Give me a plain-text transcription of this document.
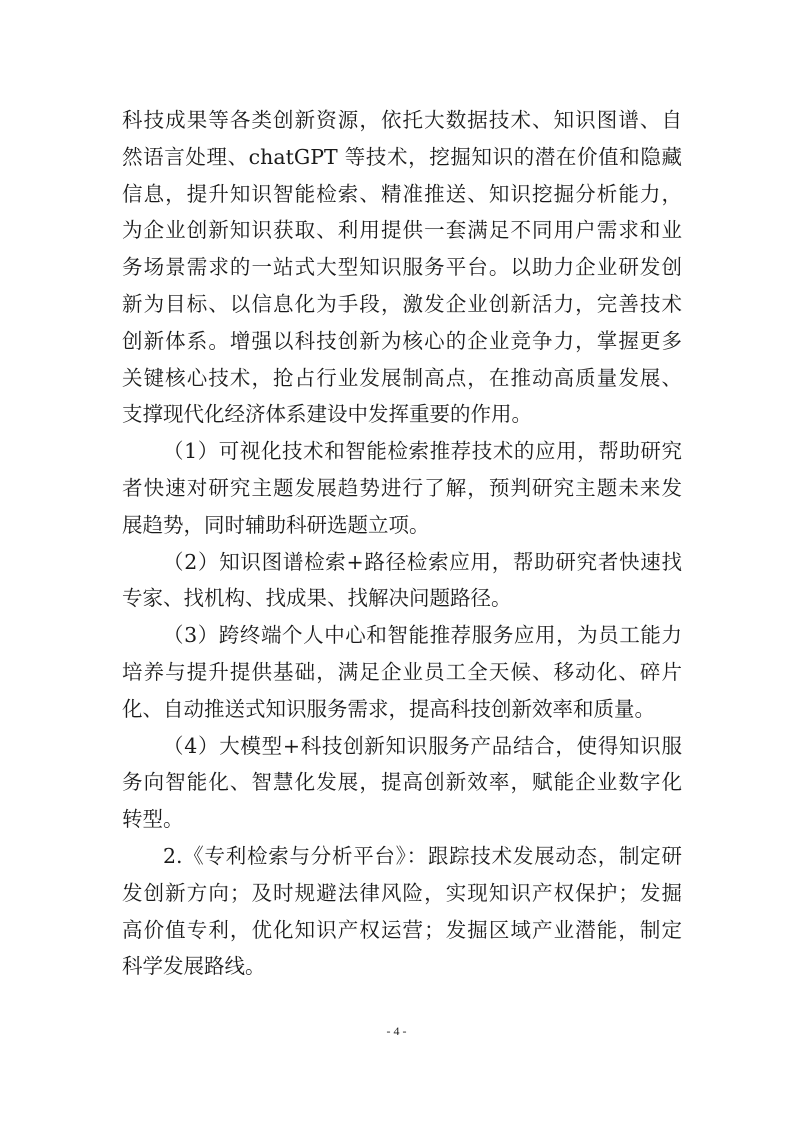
科技成果等各类创新资源，依托大数据技术、知识图谱、自
然语言处理、chatGPT 等技术，挖掘知识的潜在价值和隐藏
信息，提升知识智能检索、精准推送、知识挖掘分析能力，
为企业创新知识获取、利用提供一套满足不同用户需求和业
务场景需求的一站式大型知识服务平台。以助力企业研发创
新为目标、以信息化为手段，激发企业创新活力，完善技术
创新体系。增强以科技创新为核心的企业竞争力，掌握更多
关键核心技术，抢占行业发展制高点，在推动高质量发展、
支撑现代化经济体系建设中发挥重要的作用。
（1）可视化技术和智能检索推荐技术的应用，帮助研究
者快速对研究主题发展趋势进行了解，预判研究主题未来发
展趋势，同时辅助科研选题立项。
（2）知识图谱检索+路径检索应用，帮助研究者快速找
专家、找机构、找成果、找解决问题路径。
（3）跨终端个人中心和智能推荐服务应用，为员工能力
培养与提升提供基础，满足企业员工全天候、移动化、碎片
化、自动推送式知识服务需求，提高科技创新效率和质量。
（4）大模型+科技创新知识服务产品结合，使得知识服
务向智能化、智慧化发展，提高创新效率，赋能企业数字化
转型。
2.《专利检索与分析平台》：跟踪技术发展动态，制定研
发创新方向；及时规避法律风险，实现知识产权保护；发掘
高价值专利，优化知识产权运营；发掘区域产业潜能，制定
科学发展路线。
- 4 -
